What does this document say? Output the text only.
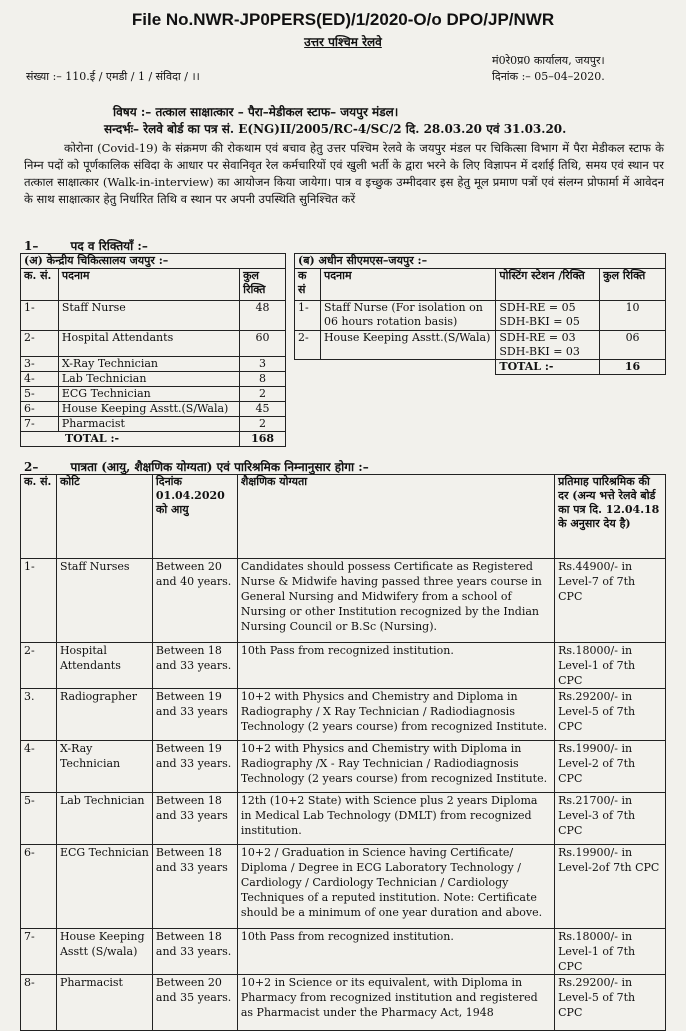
File No.NWR-JP0PERS(ED)/1/2020-O/o DPO/JP/NWR
उत्तर पश्चिम रेलवे
मं0रे0प्र0 कार्यालय, जयपुर।
संख्या :– 110.ई / एमडी / 1 / संविदा / ।।	दिनांक :– 05–04–2020.
विषय :– तत्काल साक्षात्कार – पैरा–मेडीकल स्टाफ– जयपुर मंडल।
सन्दर्भः– रेलवे बोर्ड का पत्र सं. E(NG)II/2005/RC-4/SC/2 दि. 28.03.20 एवं 31.03.20.
कोरोना (Covid-19) के संक्रमण की रोकथाम एवं बचाव हेतु उत्तर पश्चिम रेलवे के जयपुर मंडल पर चिकित्सा विभाग में पैरा मेडीकल स्टाफ के निम्न पदों को पूर्णकालिक संविदा के आधार पर सेवानिवृत रेल कर्मचारियों एवं खुली भर्ती के द्वारा भरने के लिए विज्ञापन में दर्शाई तिथि, समय एवं स्थान पर तत्काल साक्षात्कार (Walk-in-interview) का आयोजन किया जायेगा। पात्र व इच्छुक उम्मीदवार इस हेतु मूल प्रमाण पत्रों एवं संलग्न प्रोफार्मा में आवेदन के साथ साक्षात्कार हेतु निर्धारित तिथि व स्थान पर अपनी उपस्थिति सुनिश्चित करें
1–	पद व रिक्तियाँ :–
(अ) केन्द्रीय चिकित्सालय जयपुर :–		
क. सं.	पदनाम	कुल रिक्ति
1-	Staff Nurse	48
2-	Hospital Attendants	60
3-	X-Ray Technician	3
4-	Lab Technician	8
5-	ECG Technician	2
6-	House Keeping Asstt.(S/Wala)	45
7-	Pharmacist	2
TOTAL :-		168
(ब) अधीन सीएमएस–जयपुर :–			
क सं	पदनाम	पोस्टिंग स्टेशन /रिक्ति	कुल रिक्ति
1-	Staff Nurse (For isolation on 06 hours rotation basis)	SDH-RE = 05 SDH-BKI = 05	10
2-	House Keeping Asstt.(S/Wala)	SDH-RE = 03 SDH-BKI = 03	06
		TOTAL :-	16
2–	पात्रता (आयु, शैक्षणिक योग्यता) एवं पारिश्रमिक निम्नानुसार होगा :–
क. सं.	कोटि	दिनांक 01.04.2020 को आयु	शैक्षणिक योग्यता	प्रतिमाह पारिश्रमिक की दर (अन्य भत्ते रेलवे बोर्ड का पत्र दि. 12.04.18 के अनुसार देय है)
1-	Staff Nurses	Between 20 and 40 years.	Candidates should possess Certificate as Registered Nurse & Midwife having passed three years course in General Nursing and Midwifery from a school of Nursing or other Institution recognized by the Indian Nursing Council or B.Sc (Nursing).	Rs.44900/- in Level-7 of 7th CPC
2-	Hospital Attendants	Between 18 and 33 years.	10th Pass from recognized institution.	Rs.18000/- in Level-1 of 7th CPC
3.	Radiographer	Between 19 and 33 years	10+2 with Physics and Chemistry and Diploma in Radiography / X Ray Technician / Radiodiagnosis Technology (2 years course) from recognized Institute.	Rs.29200/- in Level-5 of 7th CPC
4-	X-Ray Technician	Between 19 and 33 years.	10+2 with Physics and Chemistry with Diploma in Radiography /X - Ray Technician / Radiodiagnosis Technology (2 years course) from recognized Institute.	Rs.19900/- in Level-2 of 7th CPC
5-	Lab Technician	Between 18 and 33 years	12th (10+2 State) with Science plus 2 years Diploma in Medical Lab Technology (DMLT) from recognized institution.	Rs.21700/- in Level-3 of 7th CPC
6-	ECG Technician	Between 18 and 33 years	10+2 / Graduation in Science having Certificate/ Diploma / Degree in ECG Laboratory Technology / Cardiology / Cardiology Technician / Cardiology Techniques of a reputed institution. Note: Certificate should be a minimum of one year duration and above.	Rs.19900/- in Level-2of 7th CPC
7-	House Keeping Asstt (S/wala)	Between 18 and 33 years.	10th Pass from recognized institution.	Rs.18000/- in Level-1 of 7th CPC
8-	Pharmacist	Between 20 and 35 years.	10+2 in Science or its equivalent, with Diploma in Pharmacy from recognized institution and registered as Pharmacist under the Pharmacy Act, 1948	Rs.29200/- in Level-5 of 7th CPC
